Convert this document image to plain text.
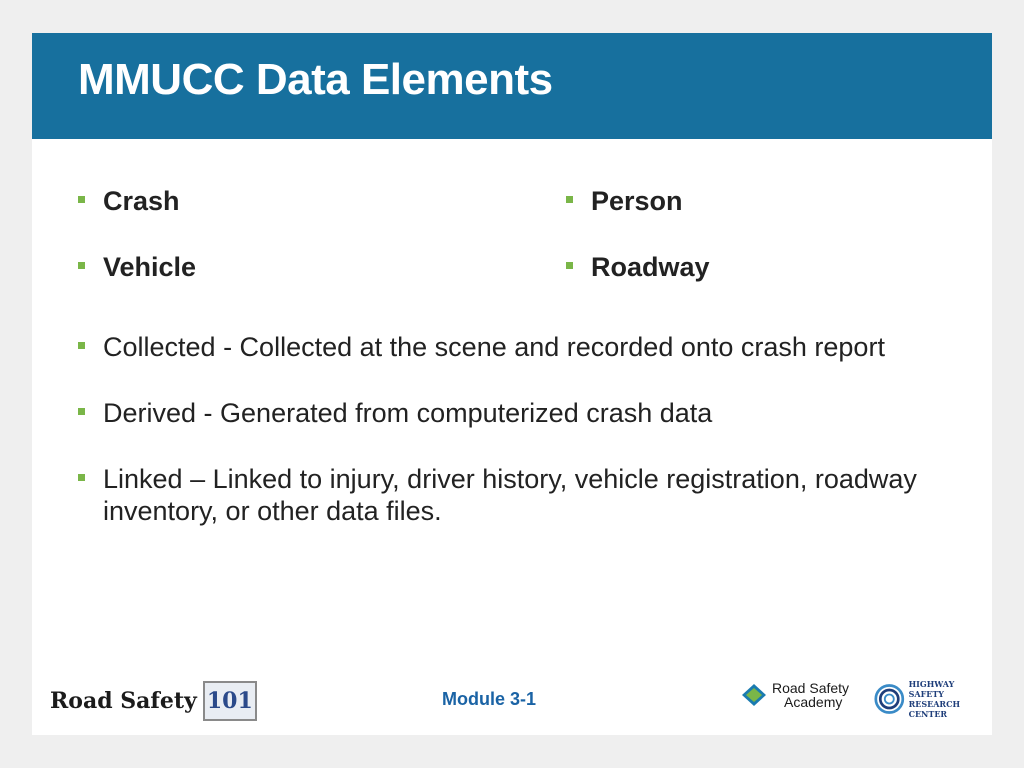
MMUCC Data Elements
Crash
Vehicle
Person
Roadway
Collected - Collected at the scene and recorded onto crash report
Derived - Generated from computerized crash data
Linked – Linked to injury, driver history, vehicle registration, roadway inventory, or other data files.
Road Safety 101	Module 3-1
Road Safety
Academy
HIGHWAY SAFETY
RESEARCH CENTER
